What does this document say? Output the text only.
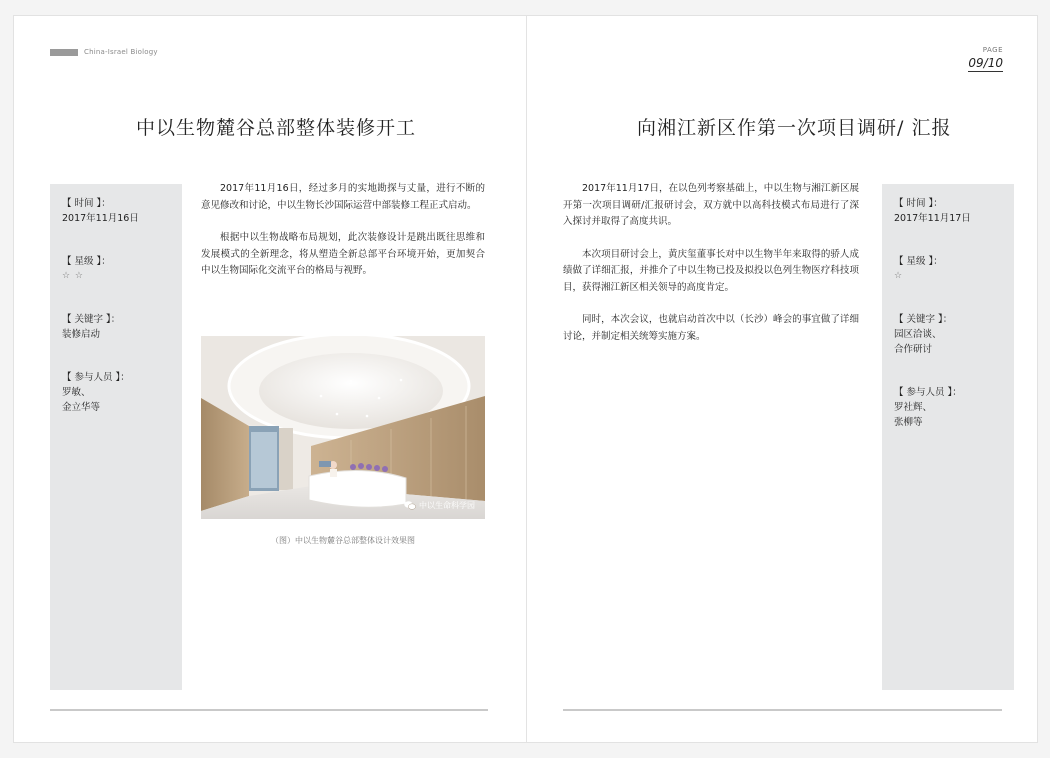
China-Israel Biology
中以生物麓谷总部整体装修开工
【 时间 】：
2017年11月16日
【 星级 】：
☆ ☆
【 关键字 】：
装修启动
【 参与人员 】：
罗敏、
金立华等

2017年11月16日，经过多月的实地勘探与丈量，进行不断的意见修改和讨论，中以生物长沙国际运营中部装修工程正式启动。

根据中以生物战略布局规划，此次装修设计是跳出既往思维和发展模式的全新理念，将从塑造全新总部平台环境开始，更加契合中以生物国际化交流平台的格局与视野。

中以生命科学园
（图）中以生物麓谷总部整体设计效果图
PAGE
09/10
向湘江新区作第一次项目调研/ 汇报

2017年11月17日，在以色列考察基础上，中以生物与湘江新区展开第一次项目调研/汇报研讨会，双方就中以高科技模式布局进行了深入探讨并取得了高度共识。

本次项目研讨会上，黄庆玺董事长对中以生物半年来取得的骄人成绩做了详细汇报，并推介了中以生物已投及拟投以色列生物医疗科技项目，获得湘江新区相关领导的高度肯定。

同时，本次会议，也就启动首次中以（长沙）峰会的事宜做了详细讨论，并制定相关统筹实施方案。

【 时间 】：
2017年11月17日
【 星级 】：
☆
【 关键字 】：
园区洽谈、
合作研讨
【 参与人员 】：
罗社辉、
张柳等
